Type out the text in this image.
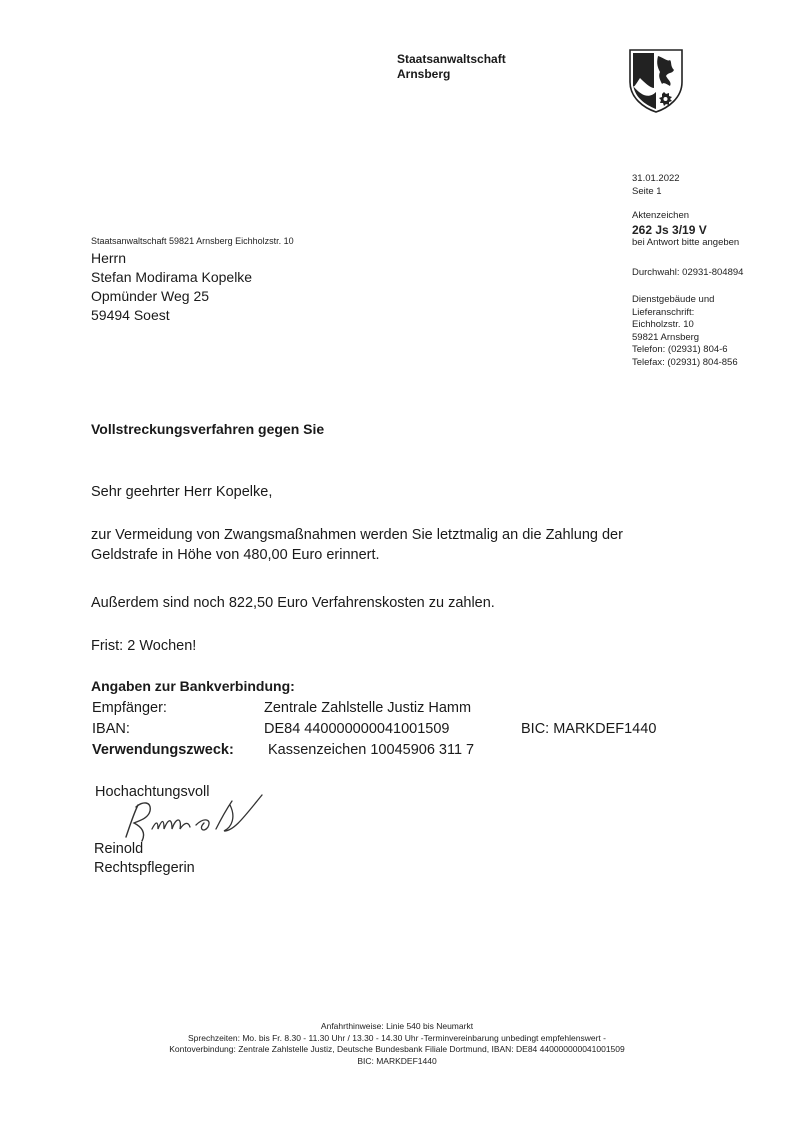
Staatsanwaltschaft
Arnsberg
31.01.2022
Seite 1
Aktenzeichen
262 Js 3/19 V
bei Antwort bitte angeben
Durchwahl: 02931-804894
Dienstgebäude und
Lieferanschrift:
Eichholzstr. 10
59821 Arnsberg
Telefon: (02931) 804-6
Telefax: (02931) 804-856
Staatsanwaltschaft 59821 Arnsberg Eichholzstr. 10
Herrn
Stefan Modirama Kopelke
Opmünder Weg 25
59494 Soest
Vollstreckungsverfahren gegen Sie
Sehr geehrter Herr Kopelke,
zur Vermeidung von Zwangsmaßnahmen werden Sie letztmalig an die Zahlung der
Geldstrafe in Höhe von 480,00 Euro erinnert.
Außerdem sind noch 822,50 Euro Verfahrenskosten zu zahlen.
Frist: 2 Wochen!
Angaben zur Bankverbindung:
Empfänger:	Zentrale Zahlstelle Justiz Hamm
IBAN:	DE84 440000000041001509	BIC: MARKDEF1440
Verwendungszweck: Kassenzeichen 10045906 311 7
Hochachtungsvoll
Reinold
Rechtspflegerin
Anfahrthinweise: Linie 540 bis Neumarkt
Sprechzeiten: Mo. bis Fr. 8.30 - 11.30 Uhr / 13.30 - 14.30 Uhr -Terminvereinbarung unbedingt empfehlenswert -
Kontoverbindung: Zentrale Zahlstelle Justiz, Deutsche Bundesbank Filiale Dortmund, IBAN: DE84 440000000041001509
BIC: MARKDEF1440
